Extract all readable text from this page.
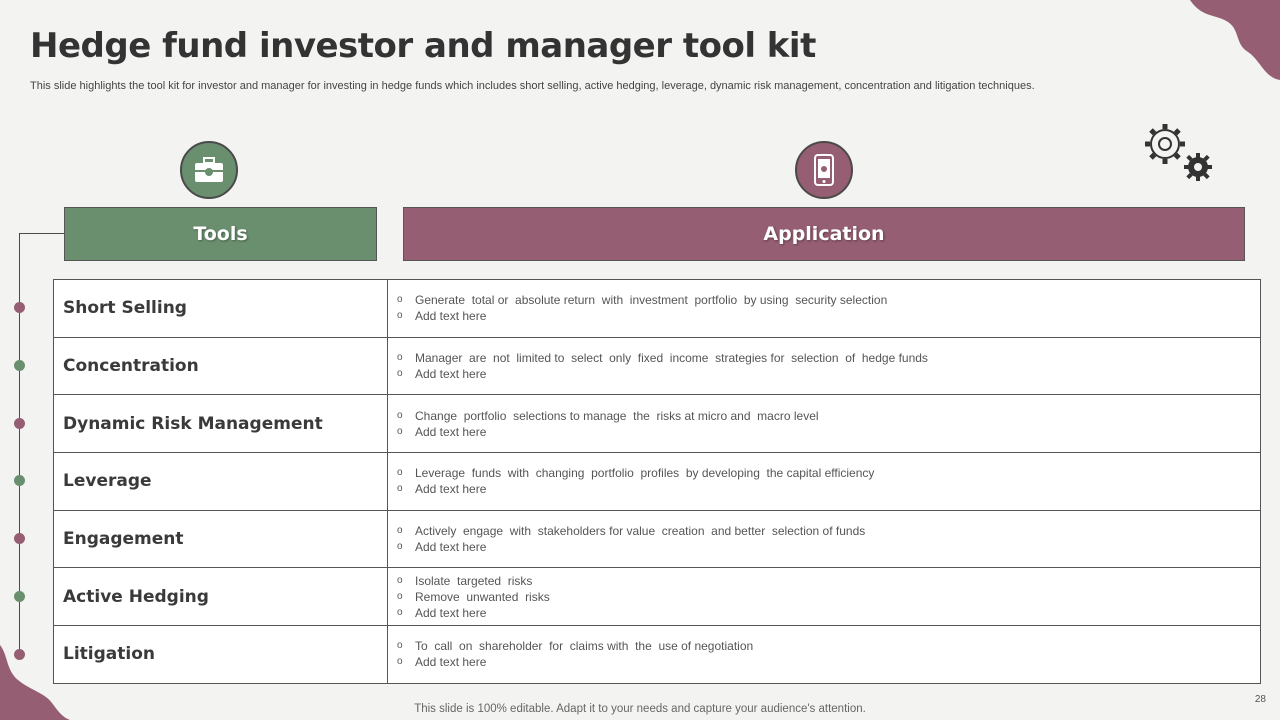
Hedge fund investor and manager tool kit

This slide highlights the tool kit for investor and manager for investing in hedge funds which includes short selling, active hedging, leverage, dynamic risk management, concentration and litigation techniques.

Tools	Application
Short Selling	o	Generate  total or  absolute return  with  investment  portfolio  by using  security selection
o	Add text here
Concentration	o	Manager  are  not  limited to  select  only  fixed  income  strategies for  selection  of  hedge funds
o	Add text here
Dynamic Risk Management	o	Change  portfolio  selections to manage  the  risks at micro and  macro level
o	Add text here
Leverage	o	Leverage  funds  with  changing  portfolio  profiles  by developing  the capital efficiency
o	Add text here
Engagement	o	Actively  engage  with  stakeholders for value  creation  and better  selection of funds
o	Add text here
Active Hedging
o	Isolate  targeted  risks
o	Remove  unwanted  risks
o	Add text here
Litigation	o	To  call  on  shareholder  for  claims with  the  use of negotiation
o	Add text here
This slide is 100% editable. Adapt it to your needs and capture your audience's attention.
28
